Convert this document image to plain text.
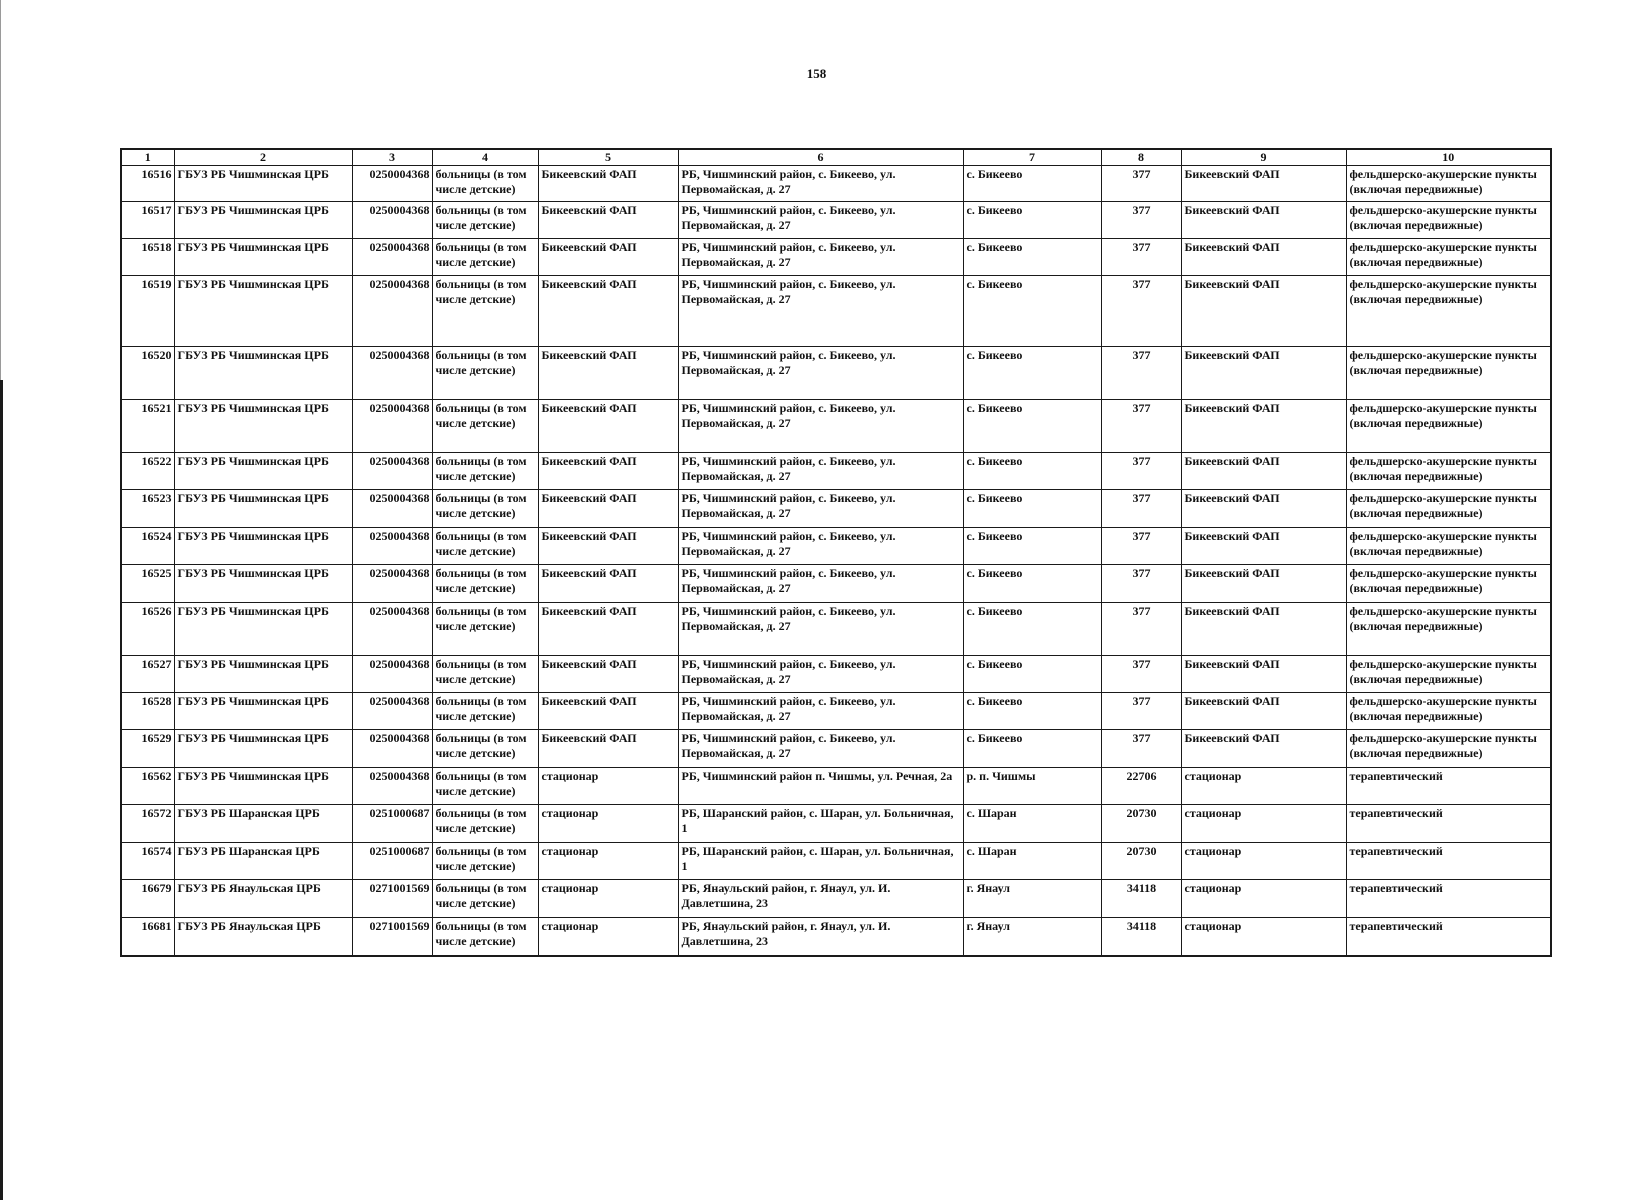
158
1	2	3	4	5	6	7	8	9	10
16516	ГБУЗ РБ Чишминская ЦРБ	0250004368	больницы (в том числе детские)	Бикеевский ФАП	РБ, Чишминский район, с. Бикеево, ул. Первомайская, д. 27	с. Бикеево	377	Бикеевский ФАП	фельдшерско-акушерские пункты (включая передвижные)
16517	ГБУЗ РБ Чишминская ЦРБ	0250004368	больницы (в том числе детские)	Бикеевский ФАП	РБ, Чишминский район, с. Бикеево, ул. Первомайская, д. 27	с. Бикеево	377	Бикеевский ФАП	фельдшерско-акушерские пункты (включая передвижные)
16518	ГБУЗ РБ Чишминская ЦРБ	0250004368	больницы (в том числе детские)	Бикеевский ФАП	РБ, Чишминский район, с. Бикеево, ул. Первомайская, д. 27	с. Бикеево	377	Бикеевский ФАП	фельдшерско-акушерские пункты (включая передвижные)
16519	ГБУЗ РБ Чишминская ЦРБ	0250004368	больницы (в том числе детские)	Бикеевский ФАП	РБ, Чишминский район, с. Бикеево, ул. Первомайская, д. 27	с. Бикеево	377	Бикеевский ФАП	фельдшерско-акушерские пункты (включая передвижные)
16520	ГБУЗ РБ Чишминская ЦРБ	0250004368	больницы (в том числе детские)	Бикеевский ФАП	РБ, Чишминский район, с. Бикеево, ул. Первомайская, д. 27	с. Бикеево	377	Бикеевский ФАП	фельдшерско-акушерские пункты (включая передвижные)
16521	ГБУЗ РБ Чишминская ЦРБ	0250004368	больницы (в том числе детские)	Бикеевский ФАП	РБ, Чишминский район, с. Бикеево, ул. Первомайская, д. 27	с. Бикеево	377	Бикеевский ФАП	фельдшерско-акушерские пункты (включая передвижные)
16522	ГБУЗ РБ Чишминская ЦРБ	0250004368	больницы (в том числе детские)	Бикеевский ФАП	РБ, Чишминский район, с. Бикеево, ул. Первомайская, д. 27	с. Бикеево	377	Бикеевский ФАП	фельдшерско-акушерские пункты (включая передвижные)
16523	ГБУЗ РБ Чишминская ЦРБ	0250004368	больницы (в том числе детские)	Бикеевский ФАП	РБ, Чишминский район, с. Бикеево, ул. Первомайская, д. 27	с. Бикеево	377	Бикеевский ФАП	фельдшерско-акушерские пункты (включая передвижные)
16524	ГБУЗ РБ Чишминская ЦРБ	0250004368	больницы (в том числе детские)	Бикеевский ФАП	РБ, Чишминский район, с. Бикеево, ул. Первомайская, д. 27	с. Бикеево	377	Бикеевский ФАП	фельдшерско-акушерские пункты (включая передвижные)
16525	ГБУЗ РБ Чишминская ЦРБ	0250004368	больницы (в том числе детские)	Бикеевский ФАП	РБ, Чишминский район, с. Бикеево, ул. Первомайская, д. 27	с. Бикеево	377	Бикеевский ФАП	фельдшерско-акушерские пункты (включая передвижные)
16526	ГБУЗ РБ Чишминская ЦРБ	0250004368	больницы (в том числе детские)	Бикеевский ФАП	РБ, Чишминский район, с. Бикеево, ул. Первомайская, д. 27	с. Бикеево	377	Бикеевский ФАП	фельдшерско-акушерские пункты (включая передвижные)
16527	ГБУЗ РБ Чишминская ЦРБ	0250004368	больницы (в том числе детские)	Бикеевский ФАП	РБ, Чишминский район, с. Бикеево, ул. Первомайская, д. 27	с. Бикеево	377	Бикеевский ФАП	фельдшерско-акушерские пункты (включая передвижные)
16528	ГБУЗ РБ Чишминская ЦРБ	0250004368	больницы (в том числе детские)	Бикеевский ФАП	РБ, Чишминский район, с. Бикеево, ул. Первомайская, д. 27	с. Бикеево	377	Бикеевский ФАП	фельдшерско-акушерские пункты (включая передвижные)
16529	ГБУЗ РБ Чишминская ЦРБ	0250004368	больницы (в том числе детские)	Бикеевский ФАП	РБ, Чишминский район, с. Бикеево, ул. Первомайская, д. 27	с. Бикеево	377	Бикеевский ФАП	фельдшерско-акушерские пункты (включая передвижные)
16562	ГБУЗ РБ Чишминская ЦРБ	0250004368	больницы (в том числе детские)	стационар	РБ, Чишминский район п. Чишмы, ул. Речная, 2а	р. п. Чишмы	22706	стационар	терапевтический
16572	ГБУЗ РБ Шаранская ЦРБ	0251000687	больницы (в том числе детские)	стационар	РБ, Шаранский район, с. Шаран, ул. Больничная, 1	с. Шаран	20730	стационар	терапевтический
16574	ГБУЗ РБ Шаранская ЦРБ	0251000687	больницы (в том числе детские)	стационар	РБ, Шаранский район, с. Шаран, ул. Больничная, 1	с. Шаран	20730	стационар	терапевтический
16679	ГБУЗ РБ Янаульская ЦРБ	0271001569	больницы (в том числе детские)	стационар	РБ, Янаульский район, г. Янаул, ул. И. Давлетшина, 23	г. Янаул	34118	стационар	терапевтический
16681	ГБУЗ РБ Янаульская ЦРБ	0271001569	больницы (в том числе детские)	стационар	РБ, Янаульский район, г. Янаул, ул. И. Давлетшина, 23	г. Янаул	34118	стационар	терапевтический
